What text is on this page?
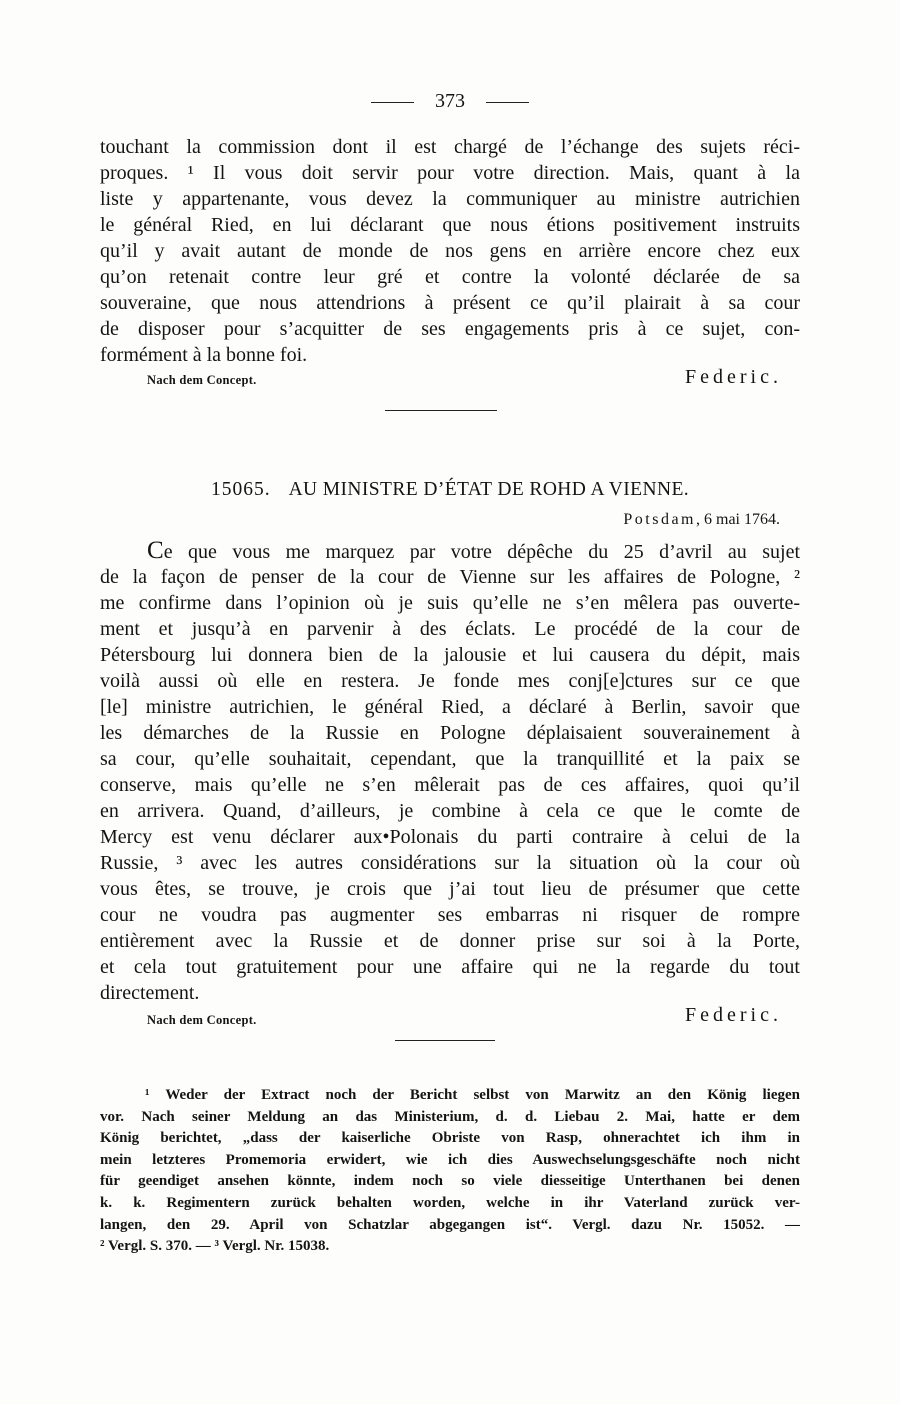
373
touchant la commission dont il est chargé de l’échange des sujets réci-
proques. ¹ Il vous doit servir pour votre direction. Mais, quant à la
liste y appartenante, vous devez la communiquer au ministre autrichien
le général Ried, en lui déclarant que nous étions positivement instruits
qu’il y avait autant de monde de nos gens en arrière encore chez eux
qu’on retenait contre leur gré et contre la volonté déclarée de sa
souveraine, que nous attendrions à présent ce qu’il plairait à sa cour
de disposer pour s’acquitter de ses engagements pris à ce sujet, con-
formément à la bonne foi.
Nach dem Concept.	Federic.
15065. AU MINISTRE D’ÉTAT DE ROHD A VIENNE.
Potsdam, 6 mai 1764.
Ce que vous me marquez par votre dépêche du 25 d’avril au sujet
de la façon de penser de la cour de Vienne sur les affaires de Pologne, ²
me confirme dans l’opinion où je suis qu’elle ne s’en mêlera pas ouverte-
ment et jusqu’à en parvenir à des éclats. Le procédé de la cour de
Pétersbourg lui donnera bien de la jalousie et lui causera du dépit, mais
voilà aussi où elle en restera. Je fonde mes conj[e]ctures sur ce que
[le] ministre autrichien, le général Ried, a déclaré à Berlin, savoir que
les démarches de la Russie en Pologne déplaisaient souverainement à
sa cour, qu’elle souhaitait, cependant, que la tranquillité et la paix se
conserve, mais qu’elle ne s’en mêlerait pas de ces affaires, quoi qu’il
en arrivera. Quand, d’ailleurs, je combine à cela ce que le comte de
Mercy est venu déclarer aux•Polonais du parti contraire à celui de la
Russie, ³ avec les autres considérations sur la situation où la cour où
vous êtes, se trouve, je crois que j’ai tout lieu de présumer que cette
cour ne voudra pas augmenter ses embarras ni risquer de rompre
entièrement avec la Russie et de donner prise sur soi à la Porte,
et cela tout gratuitement pour une affaire qui ne la regarde du tout
directement.
Nach dem Concept.	Federic.
¹ Weder der Extract noch der Bericht selbst von Marwitz an den König liegen
vor. Nach seiner Meldung an das Ministerium, d. d. Liebau 2. Mai, hatte er dem
König berichtet, „dass der kaiserliche Obriste von Rasp, ohnerachtet ich ihm in
mein letzteres Promemoria erwidert, wie ich dies Auswechselungsgeschäfte noch nicht
für geendiget ansehen könnte, indem noch so viele diesseitige Unterthanen bei denen
k. k. Regimentern zurück behalten worden, welche in ihr Vaterland zurück ver-
langen, den 29. April von Schatzlar abgegangen ist“. Vergl. dazu Nr. 15052. —
² Vergl. S. 370. — ³ Vergl. Nr. 15038.
